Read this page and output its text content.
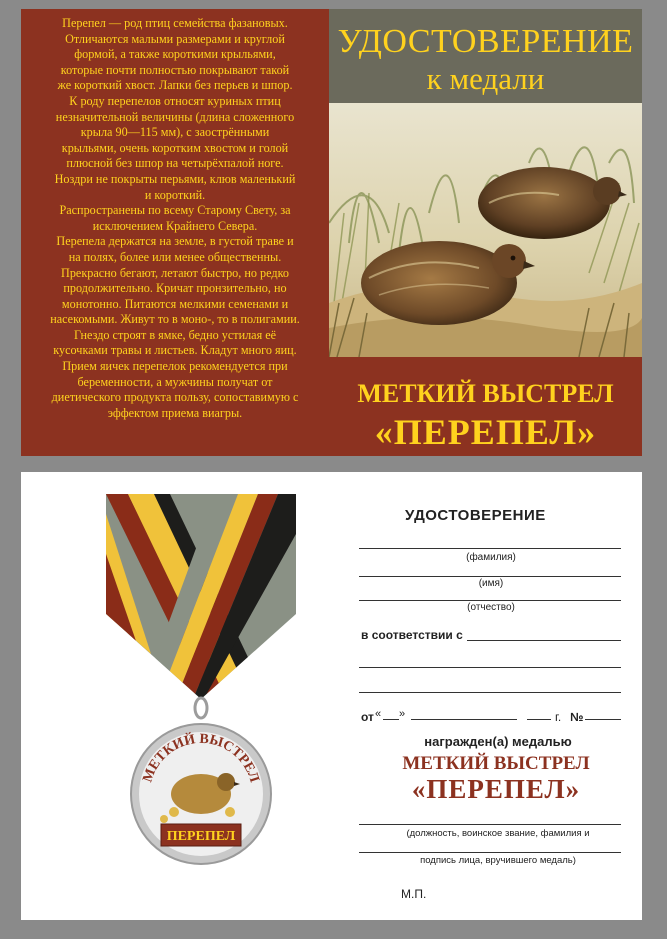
Перепел — род птиц семейства фазановых.

Отличаются малыми размерами и круглой

формой, а также короткими крыльями,

которые почти полностью покрывают такой

же короткий хвост. Лапки без перьев и шпор.

К роду перепелов относят куриных птиц

незначительной величины (длина сложенного

крыла 90—115 мм), с заострёнными

крыльями, очень коротким хвостом и голой

плюсной без шпор на четырёхпалой ноге.

Ноздри не покрыты перьями, клюв маленький

и короткий.

Распространены по всему Старому Свету, за

исключением Крайнего Севера.

Перепела держатся на земле, в густой траве и

на полях, более или менее общественны.

Прекрасно бегают, летают быстро, но редко

продолжительно. Кричат пронзительно, но

монотонно. Питаются мелкими семенами и

насекомыми. Живут то в моно-, то в полигамии.

Гнездо строят в ямке, бедно устилая её

кусочками травы и листьев. Кладут много яиц.

Прием яичек перепелок рекомендуется при

беременности, а мужчины получат от

диетического продукта пользу, сопоставимую с

эффектом приема виагры.

УДОСТОВЕРЕНИЕ
к медали
МЕТКИЙ ВЫСТРЕЛ
«ПЕРЕПЕЛ»
МЕТКИЙ ВЫСТРЕЛ
ПЕРЕПЕЛ
УДОСТОВЕРЕНИЕ
(фамилия)
(имя)
(отчество)
в соответствии с
от « »	г. №
награжден(а) медалью
МЕТКИЙ ВЫСТРЕЛ
«ПЕРЕПЕЛ»
(должность, воинское звание, фамилия и
подпись лица, вручившего медаль)
М.П.
